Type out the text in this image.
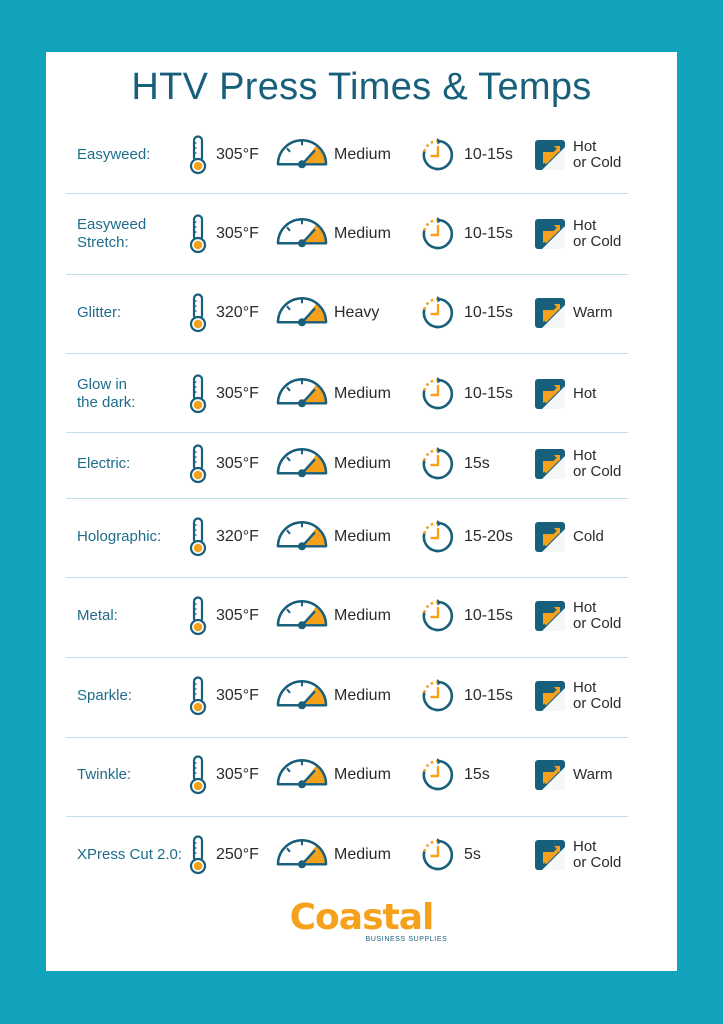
HTV Press Times & Temps
Easyweed:	305°F	Medium	10-15s	Hot
or Cold
Easyweed
Stretch:
305°F	Medium	10-15s	Hot
or Cold
Glitter:	320°F	Heavy	10-15s	Warm
Glow in
the dark:
305°F	Medium	10-15s	Hot
Electric:	305°F	Medium	15s	Hot
or Cold
Holographic:	320°F	Medium	15-20s	Cold
Metal:	305°F	Medium	10-15s	Hot
or Cold
Sparkle:	305°F	Medium	10-15s	Hot
or Cold
Twinkle:	305°F	Medium	15s	Warm
XPress Cut 2.0: 250°F	Medium	5s	Hot
or Cold
Coastal
BUSINESS SUPPLIES
